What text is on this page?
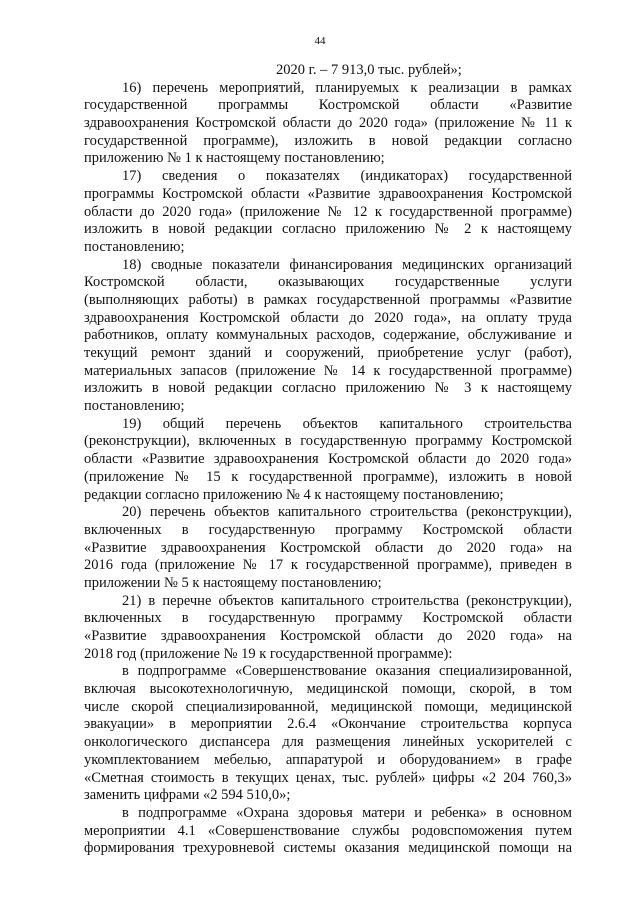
44
2020 г. – 7 913,0 тыс. рублей»;
16) перечень мероприятий, планируемых к реализации в рамках
государственной программы Костромской области «Развитие
здравоохранения Костромской области до 2020 года» (приложение № 11 к
государственной программе), изложить в новой редакции согласно
приложению № 1 к настоящему постановлению;
17) сведения о показателях (индикаторах) государственной
программы Костромской области «Развитие здравоохранения Костромской
области до 2020 года» (приложение № 12 к государственной программе)
изложить в новой редакции согласно приложению № 2 к настоящему
постановлению;
18) сводные показатели финансирования медицинских организаций
Костромской области, оказывающих государственные услуги
(выполняющих работы) в рамках государственной программы «Развитие
здравоохранения Костромской области до 2020 года», на оплату труда
работников, оплату коммунальных расходов, содержание, обслуживание и
текущий ремонт зданий и сооружений, приобретение услуг (работ),
материальных запасов (приложение № 14 к государственной программе)
изложить в новой редакции согласно приложению № 3 к настоящему
постановлению;
19) общий перечень объектов капитального строительства
(реконструкции), включенных в государственную программу Костромской
области «Развитие здравоохранения Костромской области до 2020 года»
(приложение № 15 к государственной программе), изложить в новой
редакции согласно приложению № 4 к настоящему постановлению;
20) перечень объектов капитального строительства (реконструкции),
включенных в государственную программу Костромской области
«Развитие здравоохранения Костромской области до 2020 года» на
2016 года (приложение № 17 к государственной программе), приведен в
приложении № 5 к настоящему постановлению;
21) в перечне объектов капитального строительства (реконструкции),
включенных в государственную программу Костромской области
«Развитие здравоохранения Костромской области до 2020 года» на
2018 год (приложение № 19 к государственной программе):
в подпрограмме «Совершенствование оказания специализированной,
включая высокотехнологичную, медицинской помощи, скорой, в том
числе скорой специализированной, медицинской помощи, медицинской
эвакуации» в мероприятии 2.6.4 «Окончание строительства корпуса
онкологического диспансера для размещения линейных ускорителей с
укомплектованием мебелью, аппаратурой и оборудованием» в графе
«Сметная стоимость в текущих ценах, тыс. рублей» цифры «2 204 760,3»
заменить цифрами «2 594 510,0»;
в подпрограмме «Охрана здоровья матери и ребенка» в основном
мероприятии 4.1 «Совершенствование службы родовспоможения путем
формирования трехуровневой системы оказания медицинской помощи на
